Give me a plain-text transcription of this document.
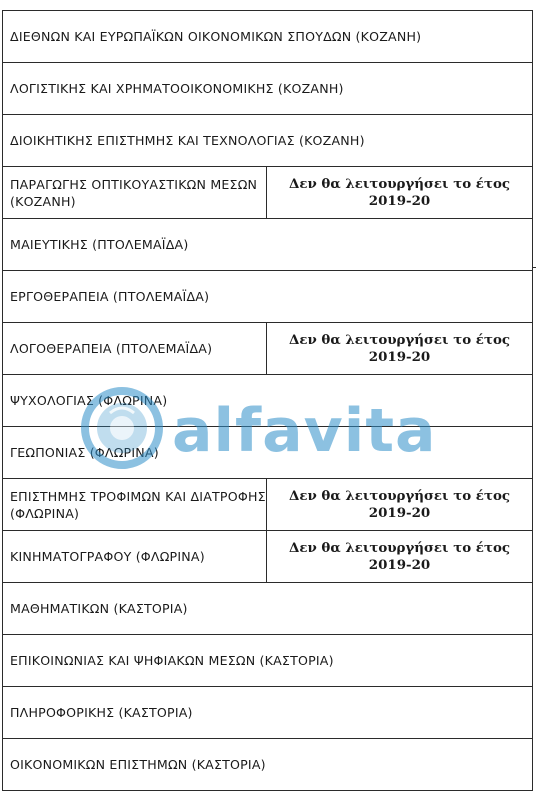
ΔΙΕΘΝΩΝ ΚΑΙ ΕΥΡΩΠΑΪΚΩΝ ΟΙΚΟΝΟΜΙΚΩΝ ΣΠΟΥΔΩΝ (ΚΟΖΑΝΗ)
ΛΟΓΙΣΤΙΚΗΣ ΚΑΙ ΧΡΗΜΑΤΟΟΙΚΟΝΟΜΙΚΗΣ (ΚΟΖΑΝΗ)
ΔΙΟΙΚΗΤΙΚΗΣ ΕΠΙΣΤΗΜΗΣ ΚΑΙ ΤΕΧΝΟΛΟΓΙΑΣ (ΚΟΖΑΝΗ)
ΠΑΡΑΓΩΓΗΣ ΟΠΤΙΚΟΥΑΣΤΙΚΩΝ ΜΕΣΩΝ (ΚΟΖΑΝΗ)
Δεν θα λειτουργήσει το έτος 2019-20
ΜΑΙΕΥΤΙΚΗΣ (ΠΤΟΛΕΜΑΪΔΑ)
ΕΡΓΟΘΕΡΑΠΕΙΑ (ΠΤΟΛΕΜΑΪΔΑ)
ΛΟΓΟΘΕΡΑΠΕΙΑ (ΠΤΟΛΕΜΑΪΔΑ)
Δεν θα λειτουργήσει το έτος 2019-20
ΨΥΧΟΛΟΓΙΑΣ (ΦΛΩΡΙΝΑ)
ΓΕΩΠΟΝΙΑΣ (ΦΛΩΡΙΝΑ)
ΕΠΙΣΤΗΜΗΣ ΤΡΟΦΙΜΩΝ ΚΑΙ ΔΙΑΤΡΟΦΗΣ (ΦΛΩΡΙΝΑ)
Δεν θα λειτουργήσει το έτος 2019-20
ΚΙΝΗΜΑΤΟΓΡΑΦΟΥ (ΦΛΩΡΙΝΑ)
Δεν θα λειτουργήσει το έτος 2019-20
ΜΑΘΗΜΑΤΙΚΩΝ (ΚΑΣΤΟΡΙΑ)
ΕΠΙΚΟΙΝΩΝΙΑΣ ΚΑΙ ΨΗΦΙΑΚΩΝ ΜΕΣΩΝ (ΚΑΣΤΟΡΙΑ)
ΠΛΗΡΟΦΟΡΙΚΗΣ (ΚΑΣΤΟΡΙΑ)
ΟΙΚΟΝΟΜΙΚΩΝ ΕΠΙΣΤΗΜΩΝ (ΚΑΣΤΟΡΙΑ)
alfavita
